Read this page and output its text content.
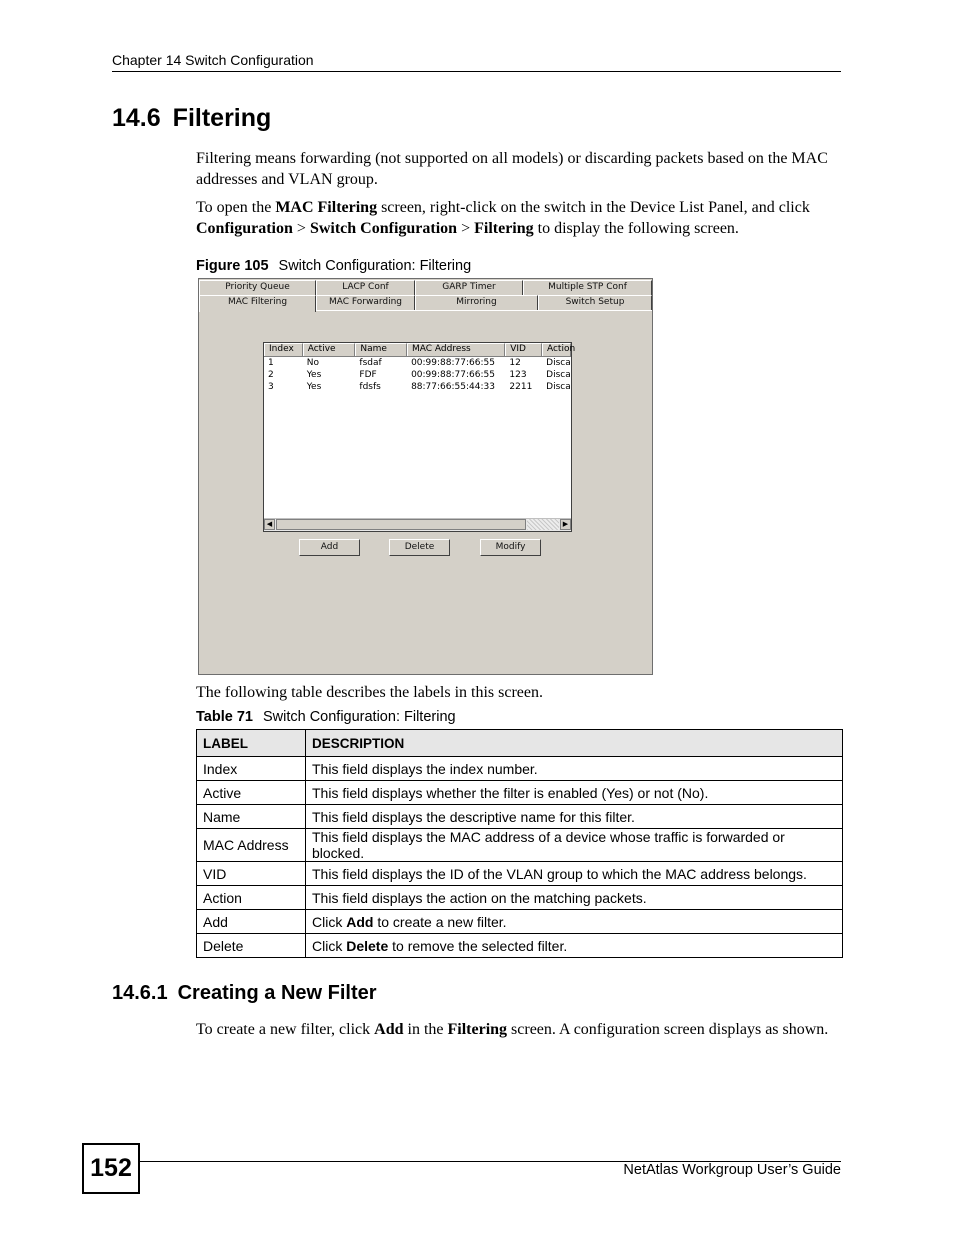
Chapter 14 Switch Configuration
14.6 Filtering

Filtering means forwarding (not supported on all models) or discarding packets based on the MAC addresses and VLAN group.

To open the MAC Filtering screen, right-click on the switch in the Device List Panel, and click Configuration > Switch Configuration > Filtering to display the following screen.

Figure 105 Switch Configuration: Filtering
Priority Queue	LACP Conf	GARP Timer	Multiple STP Conf
MAC Filtering	MAC Forwarding	Mirroring	Switch Setup
Index	Active	Name	MAC Address	VID	Action
1	No	fsdaf	00:99:88:77:66:55	12	Disca
2	Yes	FDF	00:99:88:77:66:55	123	Disca
3	Yes	fdsfs	88:77:66:55:44:33	2211	Disca
◀	▶
Add	Delete	Modify

The following table describes the labels in this screen.

Table 71 Switch Configuration: Filtering
LABEL	DESCRIPTION
Index	This field displays the index number.
Active	This field displays whether the filter is enabled (Yes) or not (No).
Name	This field displays the descriptive name for this filter.
MAC Address	This field displays the MAC address of a device whose traffic is forwarded or blocked.
VID	This field displays the ID of the VLAN group to which the MAC address belongs.
Action	This field displays the action on the matching packets.
Add	Click Add to create a new filter.
Delete	Click Delete to remove the selected filter.
14.6.1 Creating a New Filter

To create a new filter, click Add in the Filtering screen. A configuration screen displays as shown.

152	NetAtlas Workgroup User’s Guide
